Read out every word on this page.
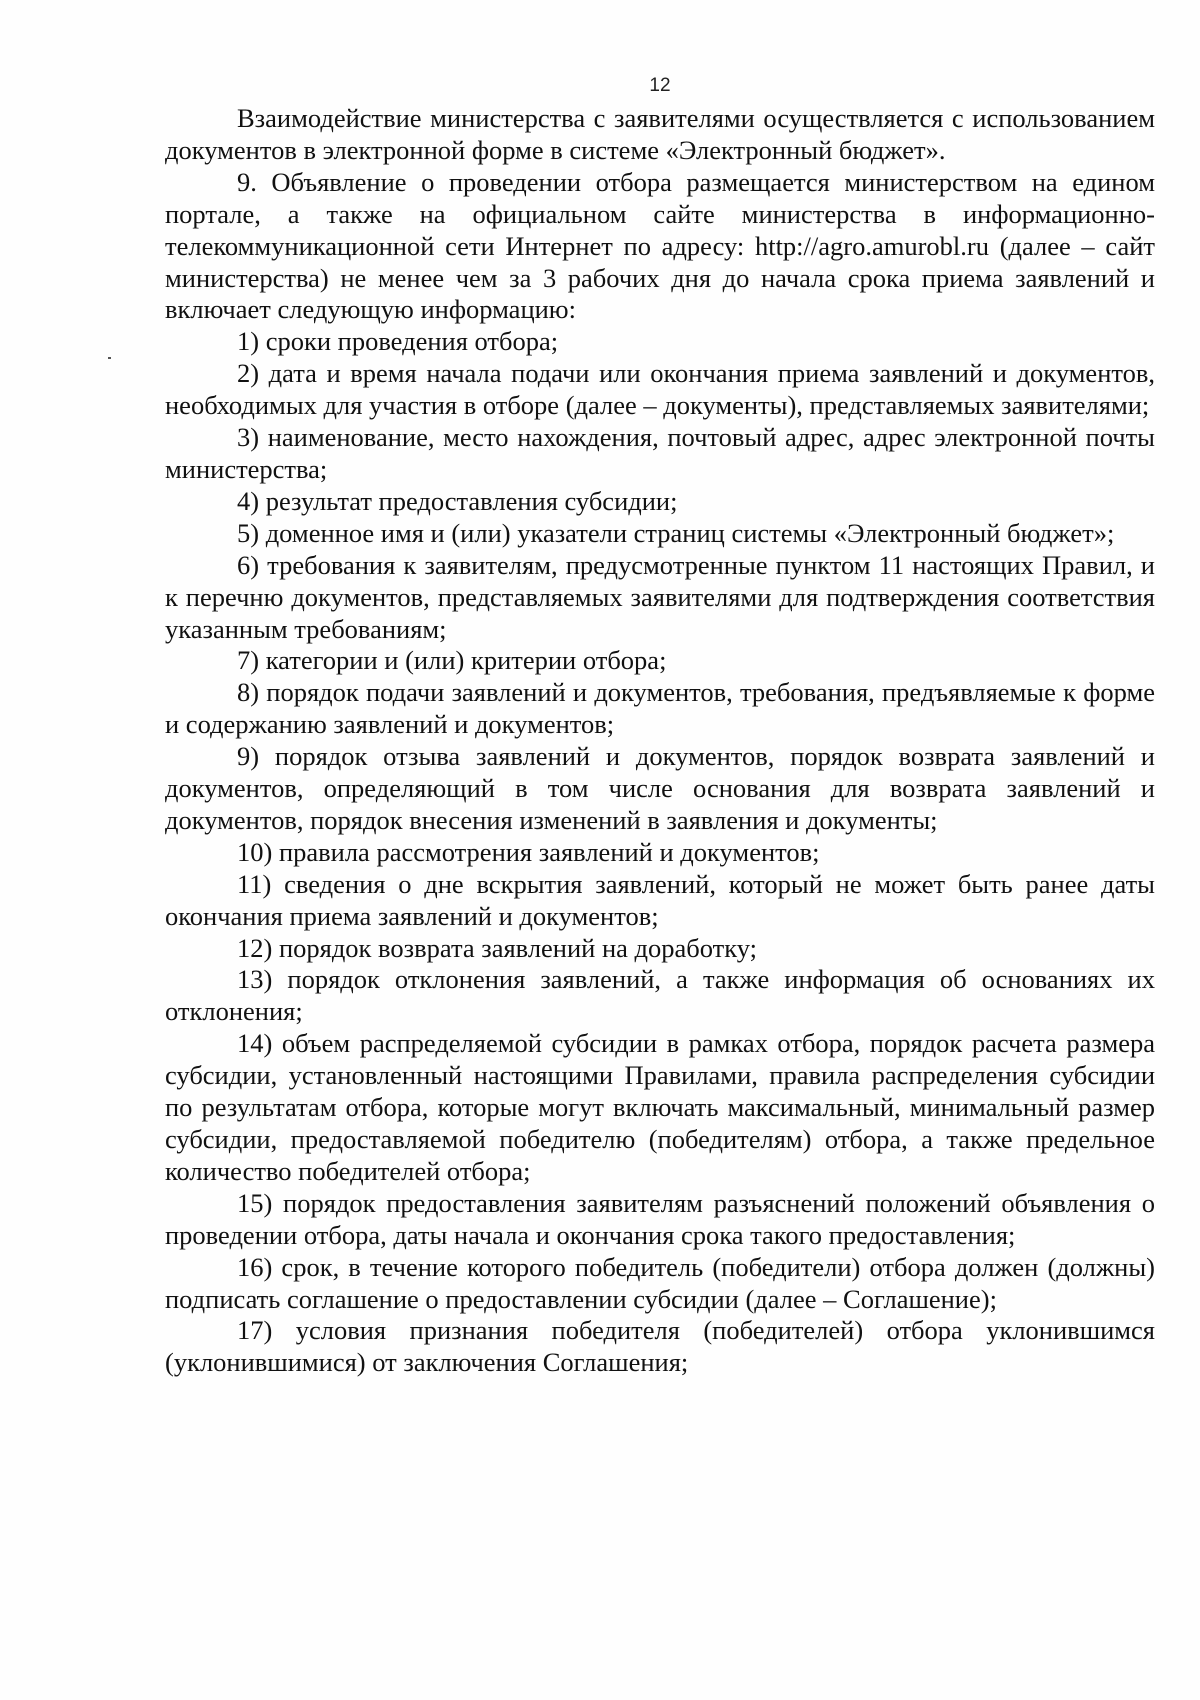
12

Взаимодействие министерства с заявителями осуществляется с использованием документов в электронной форме в системе «Электронный бюджет».

9. Объявление о проведении отбора размещается министерством на едином портале, а также на официальном сайте министерства в информационно-телекоммуникационной сети Интернет по адресу: http://agro.amurobl.ru (далее – сайт министерства) не менее чем за 3 рабочих дня до начала срока приема заявлений и включает следующую информацию:

1) сроки проведения отбора;

2) дата и время начала подачи или окончания приема заявлений и документов, необходимых для участия в отборе (далее – документы), представляемых заявителями;

3) наименование, место нахождения, почтовый адрес, адрес электронной почты министерства;

4) результат предоставления субсидии;

5) доменное имя и (или) указатели страниц системы «Электронный бюджет»;

6) требования к заявителям, предусмотренные пунктом 11 настоящих Правил, и к перечню документов, представляемых заявителями для подтверждения соответствия указанным требованиям;

7) категории и (или) критерии отбора;

8) порядок подачи заявлений и документов, требования, предъявляемые к форме и содержанию заявлений и документов;

9) порядок отзыва заявлений и документов, порядок возврата заявлений и документов, определяющий в том числе основания для возврата заявлений и документов, порядок внесения изменений в заявления и документы;

10) правила рассмотрения заявлений и документов;

11) сведения о дне вскрытия заявлений, который не может быть ранее даты окончания приема заявлений и документов;

12) порядок возврата заявлений на доработку;

13) порядок отклонения заявлений, а также информация об основаниях их отклонения;

14) объем распределяемой субсидии в рамках отбора, порядок расчета размера субсидии, установленный настоящими Правилами, правила распределения субсидии по результатам отбора, которые могут включать максимальный, минимальный размер субсидии, предоставляемой победителю (победителям) отбора, а также предельное количество победителей отбора;

15) порядок предоставления заявителям разъяснений положений объявления о проведении отбора, даты начала и окончания срока такого предоставления;

16) срок, в течение которого победитель (победители) отбора должен (должны) подписать соглашение о предоставлении субсидии (далее – Соглашение);

17) условия признания победителя (победителей) отбора уклонившимся (уклонившимися) от заключения Соглашения;
